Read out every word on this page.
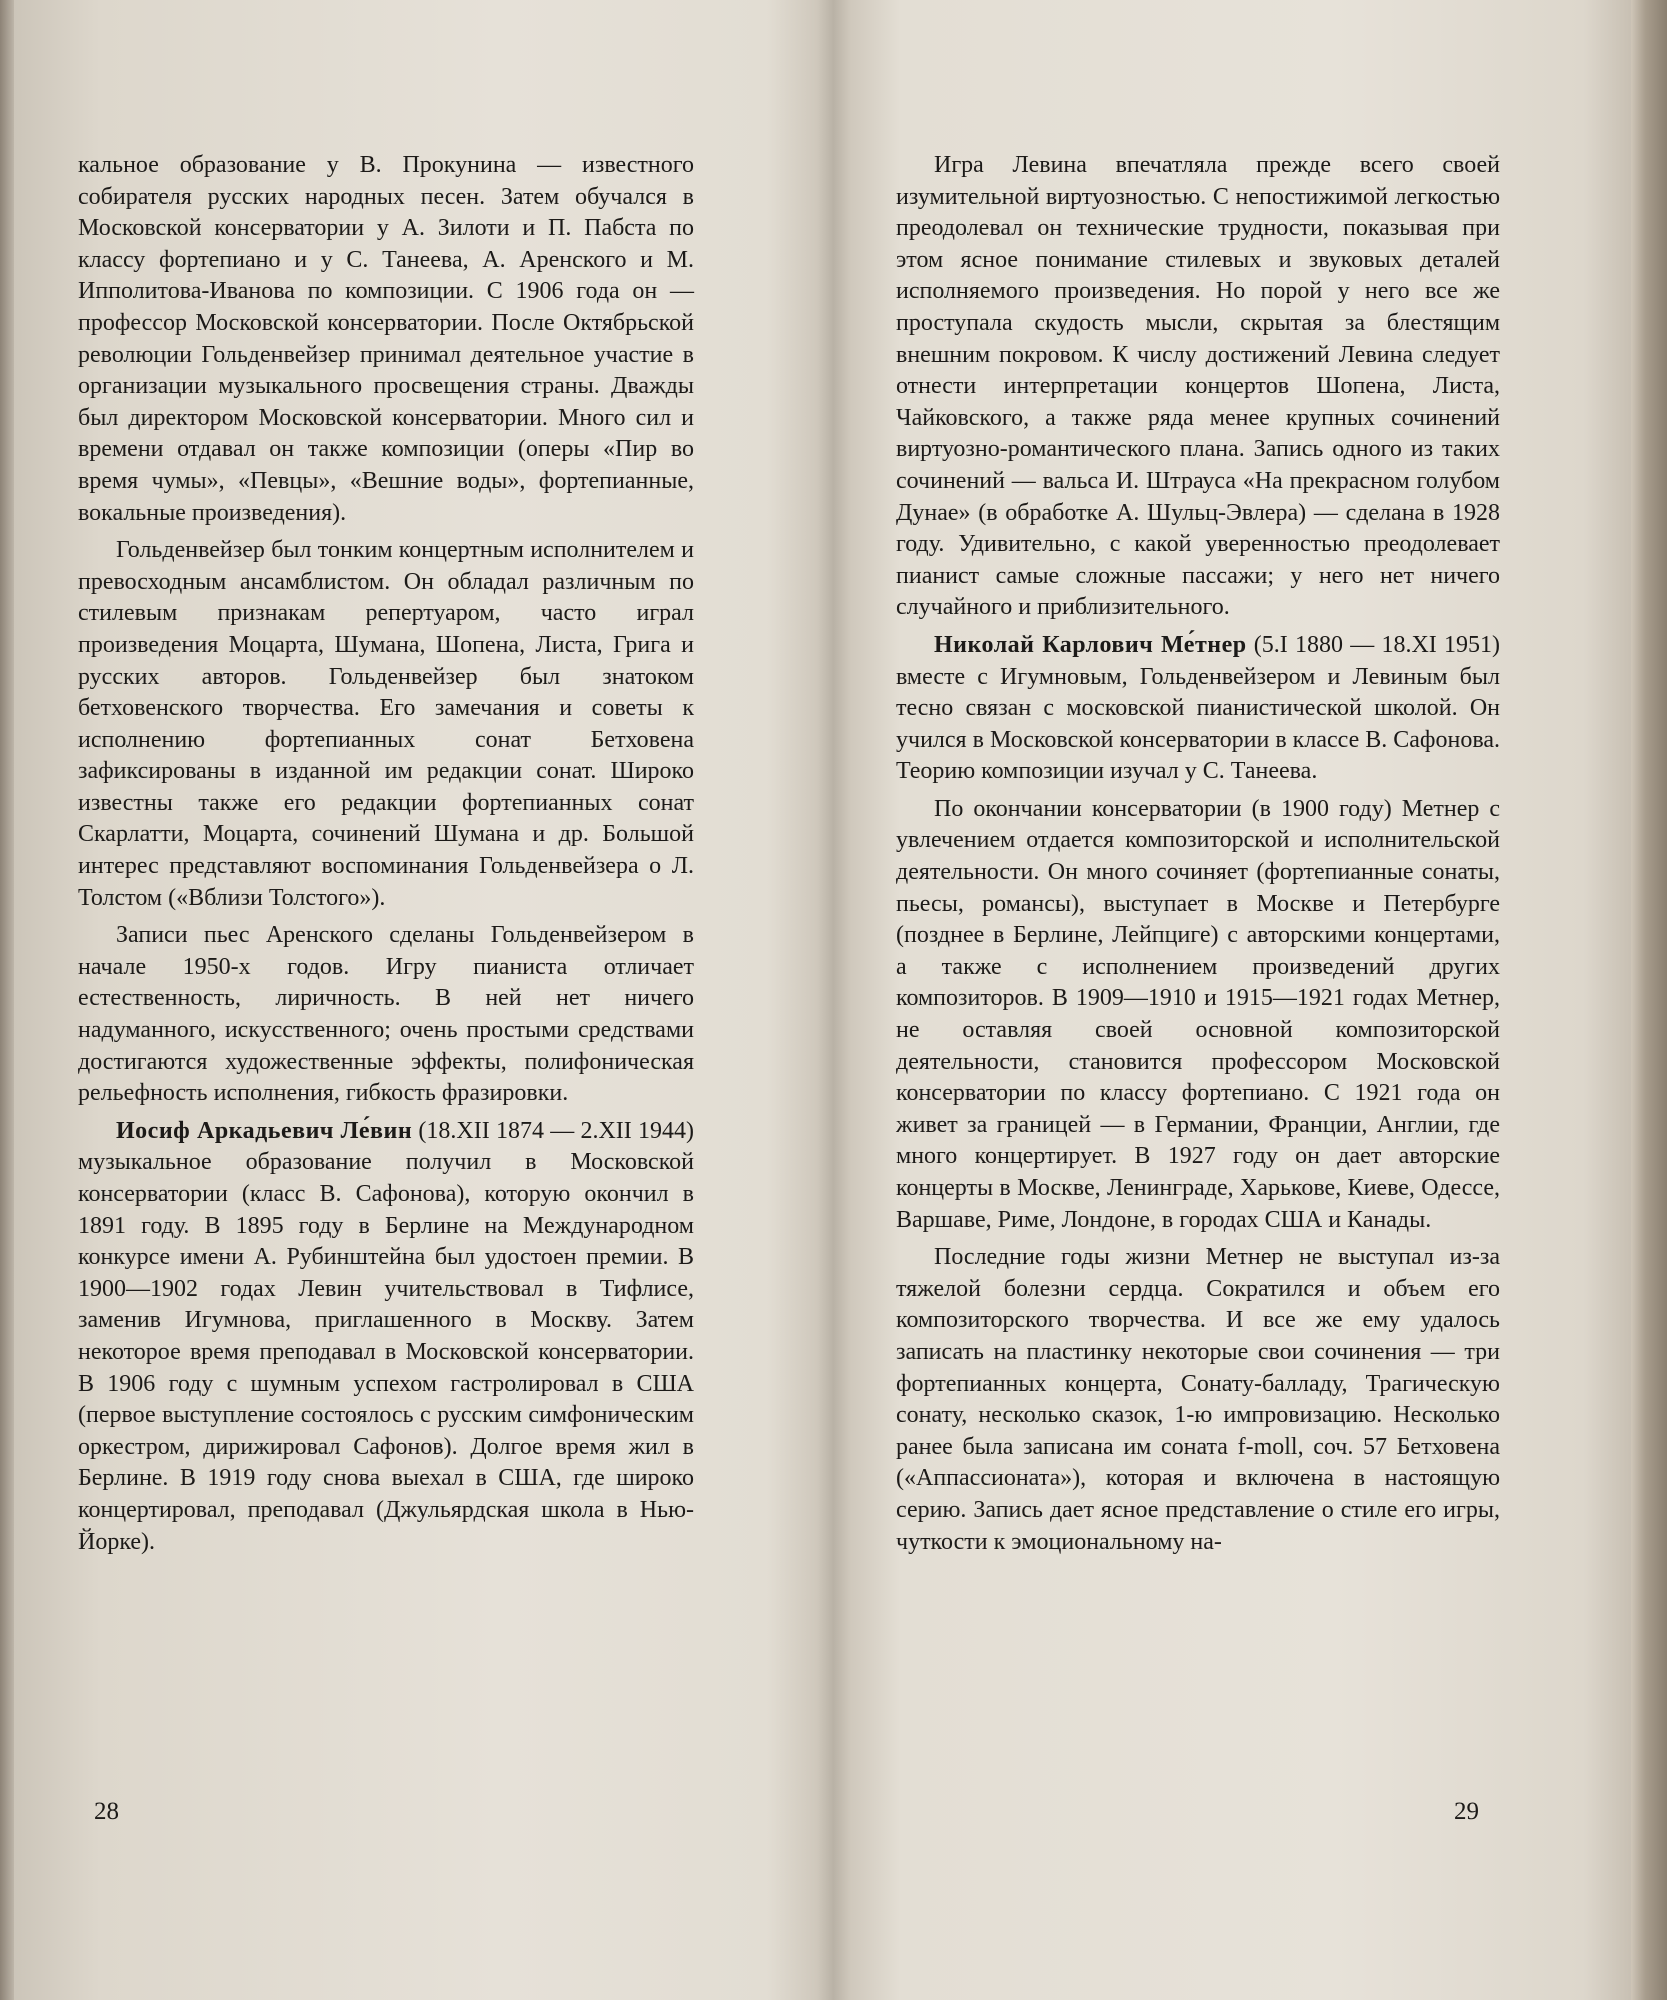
кальное образование у В. Прокунина — известного собирателя русских народных песен. Затем обучался в Московской консерватории у А. Зилоти и П. Пабста по классу фортепиано и у С. Танеева, А. Аренского и М. Ипполитова-Иванова по композиции. С 1906 года он — профессор Московской консерватории. После Октябрьской революции Гольденвейзер принимал деятельное участие в организации музыкального просвещения страны. Дважды был директором Московской консерватории. Много сил и времени отдавал он также композиции (оперы «Пир во время чумы», «Певцы», «Вешние воды», фортепианные, вокальные произведения).

Гольденвейзер был тонким концертным исполнителем и превосходным ансамблистом. Он обладал различным по стилевым признакам репертуаром, часто играл произведения Моцарта, Шумана, Шопена, Листа, Грига и русских авторов. Гольденвейзер был знатоком бетховенского творчества. Его замечания и советы к исполнению фортепианных сонат Бетховена зафиксированы в изданной им редакции сонат. Широко известны также его редакции фортепианных сонат Скарлатти, Моцарта, сочинений Шумана и др. Большой интерес представляют воспоминания Гольденвейзера о Л. Толстом («Вблизи Толстого»).

Записи пьес Аренского сделаны Гольденвейзером в начале 1950-х годов. Игру пианиста отличает естественность, лиричность. В ней нет ничего надуманного, искусственного; очень простыми средствами достигаются художественные эффекты, полифоническая рельефность исполнения, гибкость фразировки.

Иосиф Аркадьевич Ле́вин (18.XII 1874 — 2.XII 1944) музыкальное образование получил в Московской консерватории (класс В. Сафонова), которую окончил в 1891 году. В 1895 году в Берлине на Международном конкурсе имени А. Рубинштейна был удостоен премии. В 1900—1902 годах Левин учительствовал в Тифлисе, заменив Игумнова, приглашенного в Москву. Затем некоторое время преподавал в Московской консерватории. В 1906 году с шумным успехом гастролировал в США (первое выступление состоялось с русским симфоническим оркестром, дирижировал Сафонов). Долгое время жил в Берлине. В 1919 году снова выехал в США, где широко концертировал, преподавал (Джульярдская школа в Нью-Йорке).

28

Игра Левина впечатляла прежде всего своей изумительной виртуозностью. С непостижимой легкостью преодолевал он технические трудности, показывая при этом ясное понимание стилевых и звуковых деталей исполняемого произведения. Но порой у него все же проступала скудость мысли, скрытая за блестящим внешним покровом. К числу достижений Левина следует отнести интерпретации концертов Шопена, Листа, Чайковского, а также ряда менее крупных сочинений виртуозно-романтического плана. Запись одного из таких сочинений — вальса И. Штрауса «На прекрасном голубом Дунае» (в обработке А. Шульц-Эвлера) — сделана в 1928 году. Удивительно, с какой уверенностью преодолевает пианист самые сложные пассажи; у него нет ничего случайного и приблизительного.

Николай Карлович Ме́тнер (5.I 1880 — 18.XI 1951) вместе с Игумновым, Гольденвейзером и Левиным был тесно связан с московской пианистической школой. Он учился в Московской консерватории в классе В. Сафонова. Теорию композиции изучал у С. Танеева.

По окончании консерватории (в 1900 году) Метнер с увлечением отдается композиторской и исполнительской деятельности. Он много сочиняет (фортепианные сонаты, пьесы, романсы), выступает в Москве и Петербурге (позднее в Берлине, Лейпциге) с авторскими концертами, а также с исполнением произведений других композиторов. В 1909—1910 и 1915—1921 годах Метнер, не оставляя своей основной композиторской деятельности, становится профессором Московской консерватории по классу фортепиано. С 1921 года он живет за границей — в Германии, Франции, Англии, где много концертирует. В 1927 году он дает авторские концерты в Москве, Ленинграде, Харькове, Киеве, Одессе, Варшаве, Риме, Лондоне, в городах США и Канады.

Последние годы жизни Метнер не выступал из-за тяжелой болезни сердца. Сократился и объем его композиторского творчества. И все же ему удалось записать на пластинку некоторые свои сочинения — три фортепианных концерта, Сонату-балладу, Трагическую сонату, несколько сказок, 1-ю импровизацию. Несколько ранее была записана им соната f-moll, соч. 57 Бетховена («Аппассионата»), которая и включена в настоящую серию. Запись дает ясное представление о стиле его игры, чуткости к эмоциональному на-

29
